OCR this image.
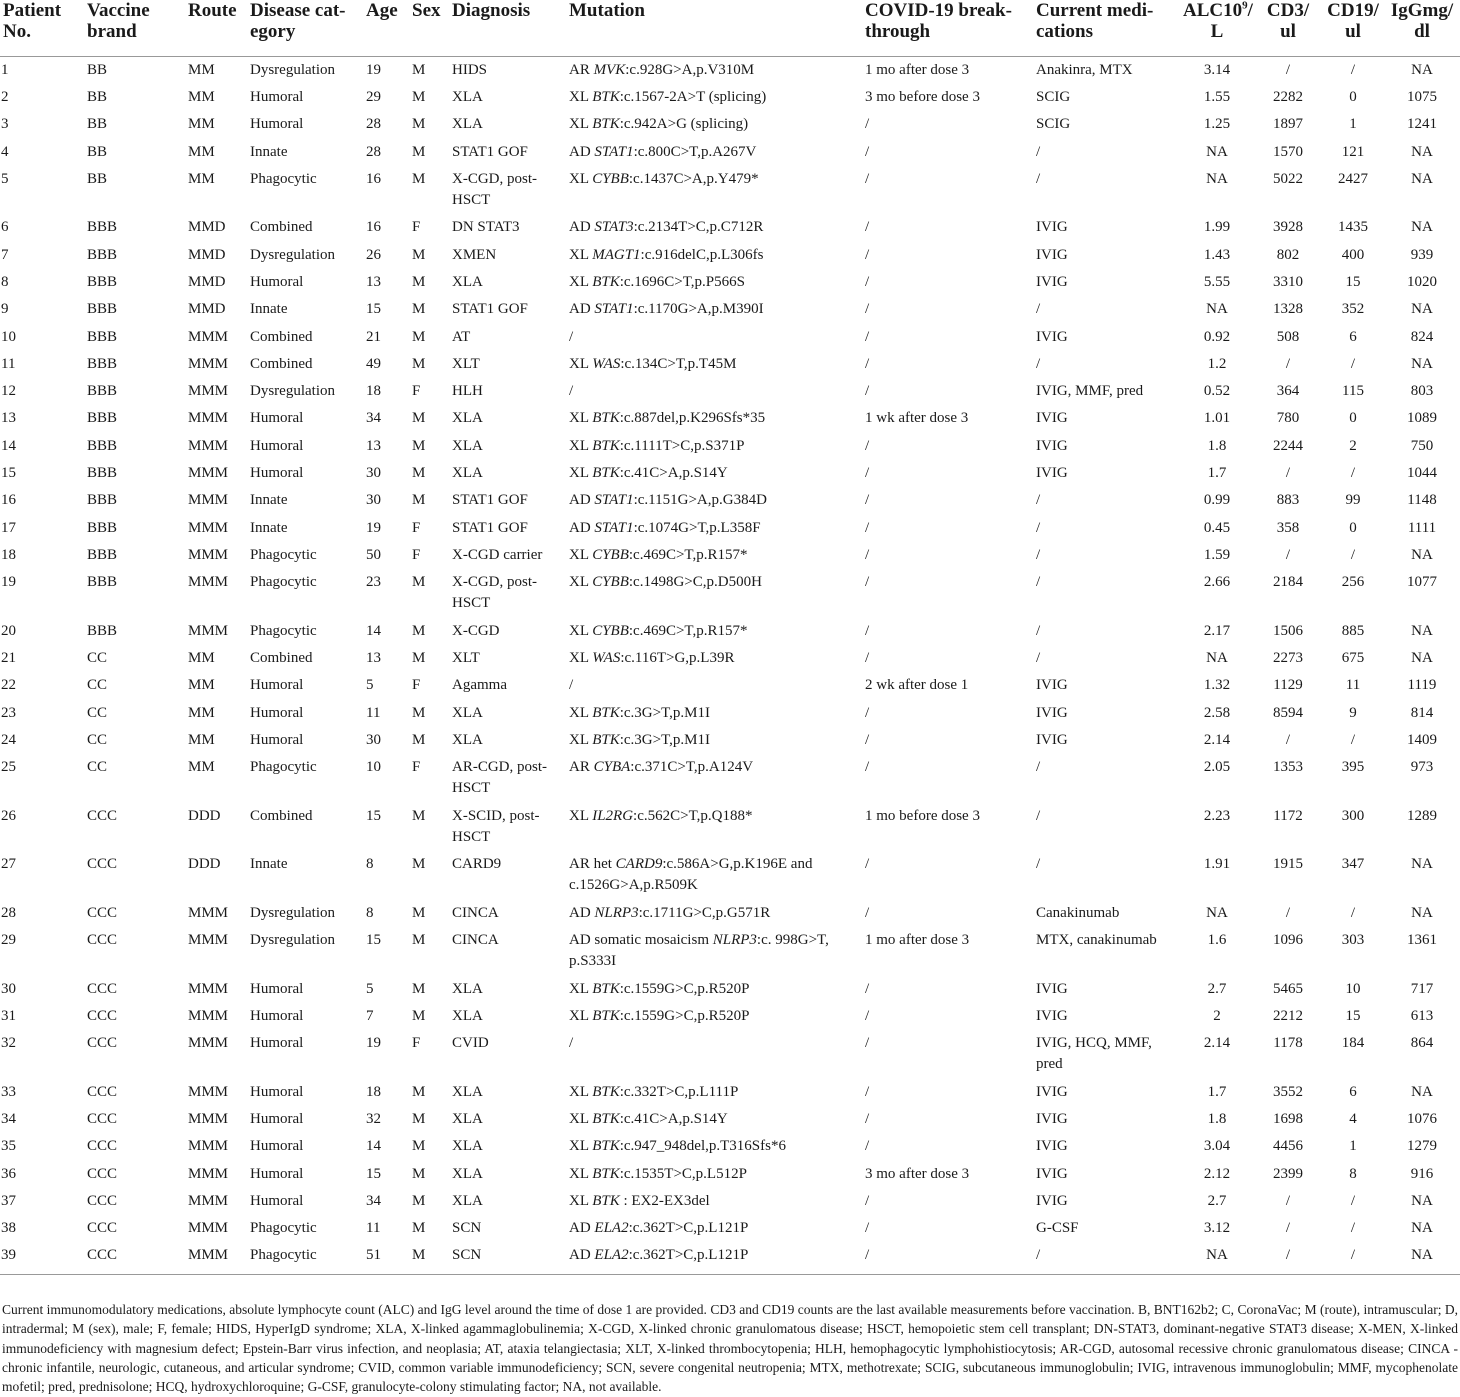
Patient
No.	Vaccine
brand	Route	Disease cat-
egory	Age	Sex	Diagnosis	Mutation	COVID-19 break-
through	Current medi-
cations	$ALC10^9/$
L	CD3/
ul	CD19/
ul	IgGmg/
dl
1	BB	MM	Dysregulation	19	M	HIDS	AR MVK:c.928G>A,p.V310M	1 mo after dose 3	Anakinra, MTX	3.14	/	/	NA
2	BB	MM	Humoral	29	M	XLA	XL BTK:c.1567-2A>T (splicing)	3 mo before dose 3	SCIG	1.55	2282	0	1075
3	BB	MM	Humoral	28	M	XLA	XL BTK:c.942A>G (splicing)	/	SCIG	1.25	1897	1	1241
4	BB	MM	Innate	28	M	STAT1 GOF	AD STAT1:c.800C>T,p.A267V	/	/	NA	1570	121	NA
5	BB	MM	Phagocytic	16	M	X-CGD, post-
HSCT	XL CYBB:c.1437C>A,p.Y479*	/	/	NA	5022	2427	NA
6	BBB	MMD	Combined	16	F	DN STAT3	AD STAT3:c.2134T>C,p.C712R	/	IVIG	1.99	3928	1435	NA
7	BBB	MMD	Dysregulation	26	M	XMEN	XL MAGT1:c.916delC,p.L306fs	/	IVIG	1.43	802	400	939
8	BBB	MMD	Humoral	13	M	XLA	XL BTK:c.1696C>T,p.P566S	/	IVIG	5.55	3310	15	1020
9	BBB	MMD	Innate	15	M	STAT1 GOF	AD STAT1:c.1170G>A,p.M390I	/	/	NA	1328	352	NA
10	BBB	MMM	Combined	21	M	AT	/	/	IVIG	0.92	508	6	824
11	BBB	MMM	Combined	49	M	XLT	XL WAS:c.134C>T,p.T45M	/	/	1.2	/	/	NA
12	BBB	MMM	Dysregulation	18	F	HLH	/	/	IVIG, MMF, pred	0.52	364	115	803
13	BBB	MMM	Humoral	34	M	XLA	XL BTK:c.887del,p.K296Sfs*35	1 wk after dose 3	IVIG	1.01	780	0	1089
14	BBB	MMM	Humoral	13	M	XLA	XL BTK:c.1111T>C,p.S371P	/	IVIG	1.8	2244	2	750
15	BBB	MMM	Humoral	30	M	XLA	XL BTK:c.41C>A,p.S14Y	/	IVIG	1.7	/	/	1044
16	BBB	MMM	Innate	30	M	STAT1 GOF	AD STAT1:c.1151G>A,p.G384D	/	/	0.99	883	99	1148
17	BBB	MMM	Innate	19	F	STAT1 GOF	AD STAT1:c.1074G>T,p.L358F	/	/	0.45	358	0	1111
18	BBB	MMM	Phagocytic	50	F	X-CGD carrier	XL CYBB:c.469C>T,p.R157*	/	/	1.59	/	/	NA
19	BBB	MMM	Phagocytic	23	M	X-CGD, post-
HSCT	XL CYBB:c.1498G>C,p.D500H	/	/	2.66	2184	256	1077
20	BBB	MMM	Phagocytic	14	M	X-CGD	XL CYBB:c.469C>T,p.R157*	/	/	2.17	1506	885	NA
21	CC	MM	Combined	13	M	XLT	XL WAS:c.116T>G,p.L39R	/	/	NA	2273	675	NA
22	CC	MM	Humoral	5	F	Agamma	/	2 wk after dose 1	IVIG	1.32	1129	11	1119
23	CC	MM	Humoral	11	M	XLA	XL BTK:c.3G>T,p.M1I	/	IVIG	2.58	8594	9	814
24	CC	MM	Humoral	30	M	XLA	XL BTK:c.3G>T,p.M1I	/	IVIG	2.14	/	/	1409
25	CC	MM	Phagocytic	10	F	AR-CGD, post-
HSCT	AR CYBA:c.371C>T,p.A124V	/	/	2.05	1353	395	973
26	CCC	DDD	Combined	15	M	X-SCID, post-
HSCT	XL IL2RG:c.562C>T,p.Q188*	1 mo before dose 3	/	2.23	1172	300	1289
27	CCC	DDD	Innate	8	M	CARD9	AR het CARD9:c.586A>G,p.K196E and
c.1526G>A,p.R509K	/	/	1.91	1915	347	NA
28	CCC	MMM	Dysregulation	8	M	CINCA	AD NLRP3:c.1711G>C,p.G571R	/	Canakinumab	NA	/	/	NA
29	CCC	MMM	Dysregulation	15	M	CINCA	AD somatic mosaicism NLRP3:c. 998G>T,
p.S333I	1 mo after dose 3	MTX, canakinumab	1.6	1096	303	1361
30	CCC	MMM	Humoral	5	M	XLA	XL BTK:c.1559G>C,p.R520P	/	IVIG	2.7	5465	10	717
31	CCC	MMM	Humoral	7	M	XLA	XL BTK:c.1559G>C,p.R520P	/	IVIG	2	2212	15	613
32	CCC	MMM	Humoral	19	F	CVID	/	/	IVIG, HCQ, MMF,
pred	2.14	1178	184	864
33	CCC	MMM	Humoral	18	M	XLA	XL BTK:c.332T>C,p.L111P	/	IVIG	1.7	3552	6	NA
34	CCC	MMM	Humoral	32	M	XLA	XL BTK:c.41C>A,p.S14Y	/	IVIG	1.8	1698	4	1076
35	CCC	MMM	Humoral	14	M	XLA	XL BTK:c.947_948del,p.T316Sfs*6	/	IVIG	3.04	4456	1	1279
36	CCC	MMM	Humoral	15	M	XLA	XL BTK:c.1535T>C,p.L512P	3 mo after dose 3	IVIG	2.12	2399	8	916
37	CCC	MMM	Humoral	34	M	XLA	XL BTK : EX2-EX3del	/	IVIG	2.7	/	/	NA
38	CCC	MMM	Phagocytic	11	M	SCN	AD ELA2:c.362T>C,p.L121P	/	G-CSF	3.12	/	/	NA
39	CCC	MMM	Phagocytic	51	M	SCN	AD ELA2:c.362T>C,p.L121P	/	/	NA	/	/	NA
Current immunomodulatory medications, absolute lymphocyte count (ALC) and IgG level around the time of dose 1 are provided. CD3 and CD19 counts are the last available measurements before vaccination. B, BNT162b2; C, CoronaVac; M (route), intramuscular; D, intradermal; M (sex), male; F, female; HIDS, HyperIgD syndrome; XLA, X-linked agammaglobulinemia; X-CGD, X-linked chronic granulomatous disease; HSCT, hemopoietic stem cell transplant; DN-STAT3, dominant-negative STAT3 disease; X-MEN, X-linked immunodeficiency with magnesium defect; Epstein-Barr virus infection, and neoplasia; AT, ataxia telangiectasia; XLT, X-linked thrombocytopenia; HLH, hemophagocytic lymphohistiocytosis; AR-CGD, autosomal recessive chronic granulomatous disease; CINCA - chronic infantile, neurologic, cutaneous, and articular syndrome; CVID, common variable immunodeficiency; SCN, severe congenital neutropenia; MTX, methotrexate; SCIG, subcutaneous immunoglobulin; IVIG, intravenous immunoglobulin; MMF, mycophenolate mofetil; pred, prednisolone; HCQ, hydroxychloroquine; G-CSF, granulocyte-colony stimulating factor; NA, not available.
